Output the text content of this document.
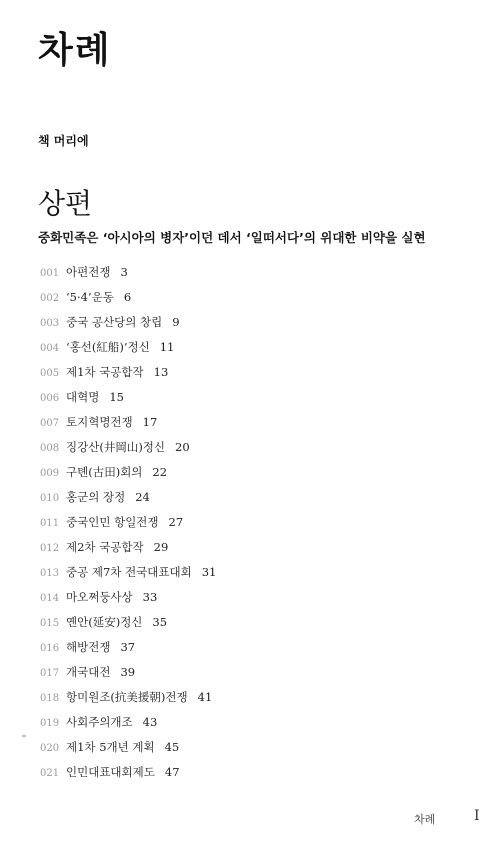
차례
책 머리에
상편

중화민족은 ‘아시아의 병자’이던 데서 ‘일떠서다’의 위대한 비약을 실현

001 아편전쟁 3
002 ‘5·4’운동 6
003 중국 공산당의 창립 9
004 ‘홍선(紅船)’정신 11
005 제1차 국공합작 13
006 대혁명 15
007 토지혁명전쟁 17
008 징강산(井岡山)정신 20
009 구톈(古田)회의 22
010 홍군의 장정 24
011 중국인민 항일전쟁 27
012 제2차 국공합작 29
013 중공 제7차 전국대표대회 31
014 마오쩌둥사상 33
015 옌안(延安)정신 35
016 해방전쟁 37
017 개국대전 39
018 항미원조(抗美援朝)전쟁 41
019 사회주의개조 43
020 제1차 5개년 계획 45
021 인민대표대회제도 47
차례	I
